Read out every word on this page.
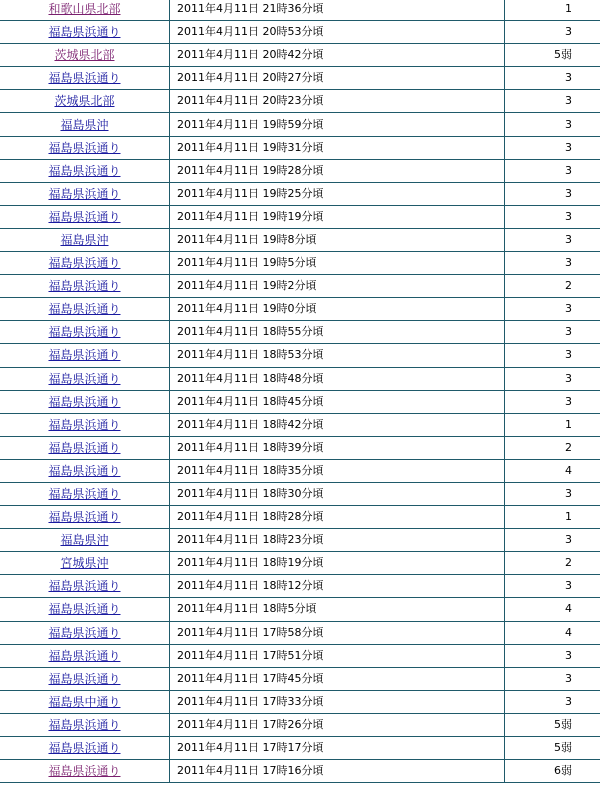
和歌山県北部	2011年4月11日 21時36分頃	1
福島県浜通り	2011年4月11日 20時53分頃	3
茨城県北部	2011年4月11日 20時42分頃	5弱
福島県浜通り	2011年4月11日 20時27分頃	3
茨城県北部	2011年4月11日 20時23分頃	3
福島県沖	2011年4月11日 19時59分頃	3
福島県浜通り	2011年4月11日 19時31分頃	3
福島県浜通り	2011年4月11日 19時28分頃	3
福島県浜通り	2011年4月11日 19時25分頃	3
福島県浜通り	2011年4月11日 19時19分頃	3
福島県沖	2011年4月11日 19時8分頃	3
福島県浜通り	2011年4月11日 19時5分頃	3
福島県浜通り	2011年4月11日 19時2分頃	2
福島県浜通り	2011年4月11日 19時0分頃	3
福島県浜通り	2011年4月11日 18時55分頃	3
福島県浜通り	2011年4月11日 18時53分頃	3
福島県浜通り	2011年4月11日 18時48分頃	3
福島県浜通り	2011年4月11日 18時45分頃	3
福島県浜通り	2011年4月11日 18時42分頃	1
福島県浜通り	2011年4月11日 18時39分頃	2
福島県浜通り	2011年4月11日 18時35分頃	4
福島県浜通り	2011年4月11日 18時30分頃	3
福島県浜通り	2011年4月11日 18時28分頃	1
福島県沖	2011年4月11日 18時23分頃	3
宮城県沖	2011年4月11日 18時19分頃	2
福島県浜通り	2011年4月11日 18時12分頃	3
福島県浜通り	2011年4月11日 18時5分頃	4
福島県浜通り	2011年4月11日 17時58分頃	4
福島県浜通り	2011年4月11日 17時51分頃	3
福島県浜通り	2011年4月11日 17時45分頃	3
福島県中通り	2011年4月11日 17時33分頃	3
福島県浜通り	2011年4月11日 17時26分頃	5弱
福島県浜通り	2011年4月11日 17時17分頃	5弱
福島県浜通り	2011年4月11日 17時16分頃	6弱
